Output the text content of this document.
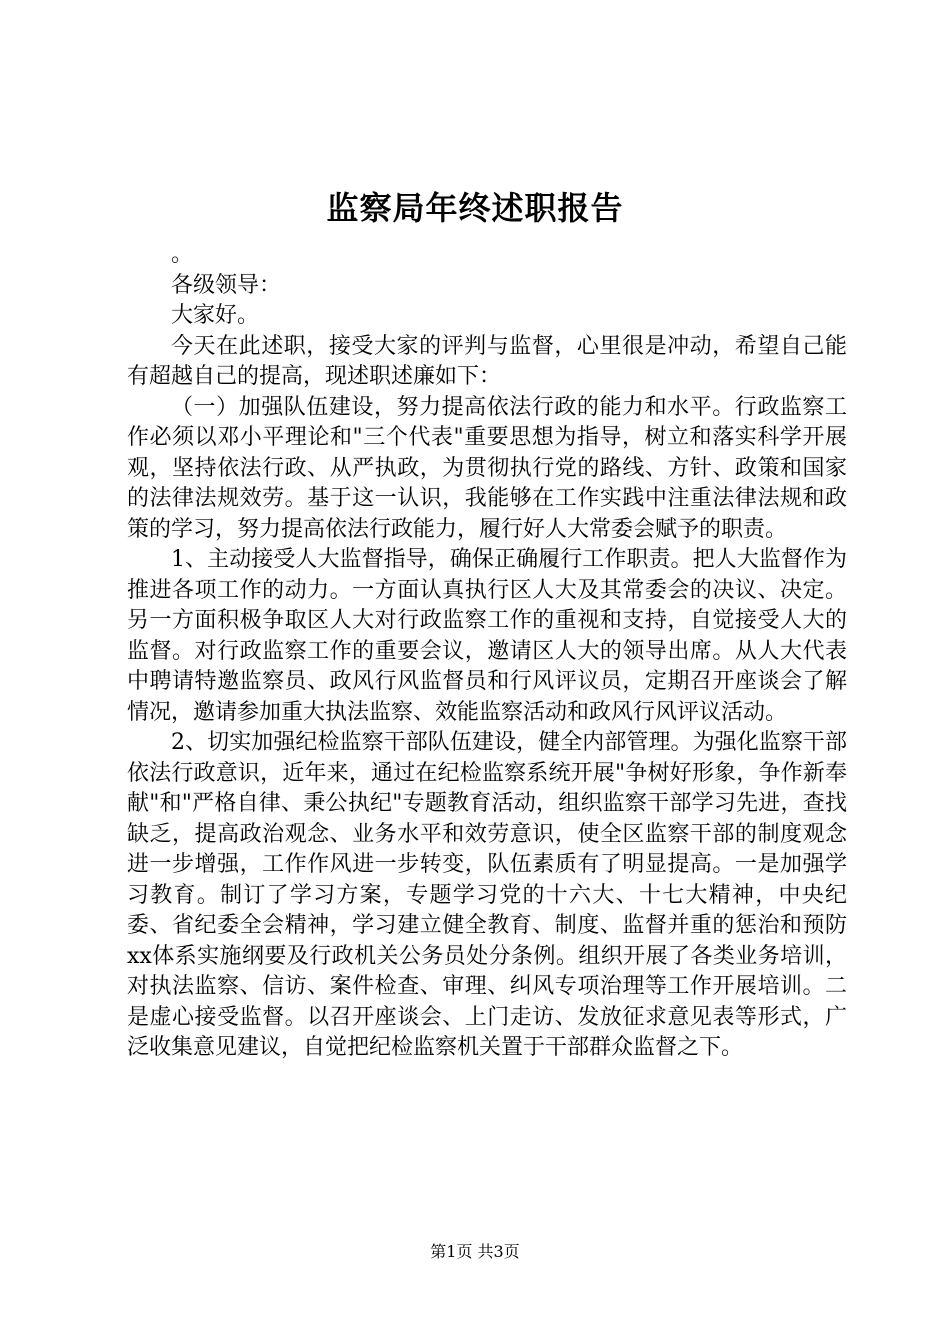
监察局年终述职报告

。

各级领导：

大家好。

今天在此述职，接受大家的评判与监督，心里很是冲动，希望自己能有超越自己的提高，现述职述廉如下：

（一）加强队伍建设，努力提高依法行政的能力和水平。行政监察工作必须以邓小平理论和"三个代表"重要思想为指导，树立和落实科学开展观，坚持依法行政、从严执政，为贯彻执行党的路线、方针、政策和国家的法律法规效劳。基于这一认识，我能够在工作实践中注重法律法规和政策的学习，努力提高依法行政能力，履行好人大常委会赋予的职责。

1、主动接受人大监督指导，确保正确履行工作职责。把人大监督作为推进各项工作的动力。一方面认真执行区人大及其常委会的决议、决定。另一方面积极争取区人大对行政监察工作的重视和支持，自觉接受人大的监督。对行政监察工作的重要会议，邀请区人大的领导出席。从人大代表中聘请特邀监察员、政风行风监督员和行风评议员，定期召开座谈会了解情况，邀请参加重大执法监察、效能监察活动和政风行风评议活动。

2、切实加强纪检监察干部队伍建设，健全内部管理。为强化监察干部依法行政意识，近年来，通过在纪检监察系统开展"争树好形象，争作新奉献"和"严格自律、秉公执纪"专题教育活动，组织监察干部学习先进，查找缺乏，提高政治观念、业务水平和效劳意识，使全区监察干部的制度观念进一步增强，工作作风进一步转变，队伍素质有了明显提高。一是加强学习教育。制订了学习方案，专题学习党的十六大、十七大精神，中央纪委、省纪委全会精神，学习建立健全教育、制度、监督并重的惩治和预防xx体系实施纲要及行政机关公务员处分条例。组织开展了各类业务培训，对执法监察、信访、案件检查、审理、纠风专项治理等工作开展培训。二是虚心接受监督。以召开座谈会、上门走访、发放征求意见表等形式，广泛收集意见建议，自觉把纪检监察机关置于干部群众监督之下。

第1页 共3页
